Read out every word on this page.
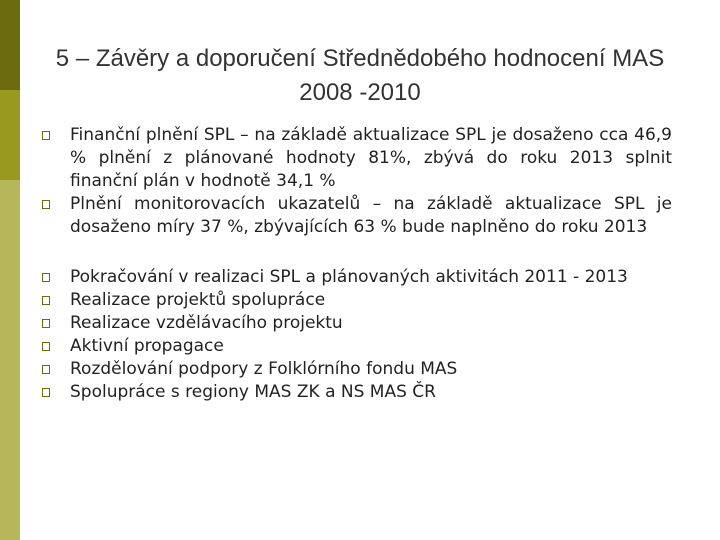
5 – Závěry a doporučení Střednědobého hodnocení MAS 2008 -2010
Finanční plnění SPL – na základě aktualizace SPL je dosaženo cca 46,9 % plnění z plánované hodnoty 81%, zbývá do roku 2013 splnit finanční plán v hodnotě 34,1 %
Plnění monitorovacích ukazatelů – na základě aktualizace SPL je dosaženo míry 37 %, zbývajících 63 % bude naplněno do roku 2013
Pokračování v realizaci SPL a plánovaných aktivitách 2011 - 2013
Realizace projektů spolupráce
Realizace vzdělávacího projektu
Aktivní propagace
Rozdělování podpory z Folklórního fondu MAS
Spolupráce s regiony MAS ZK a NS MAS ČR
